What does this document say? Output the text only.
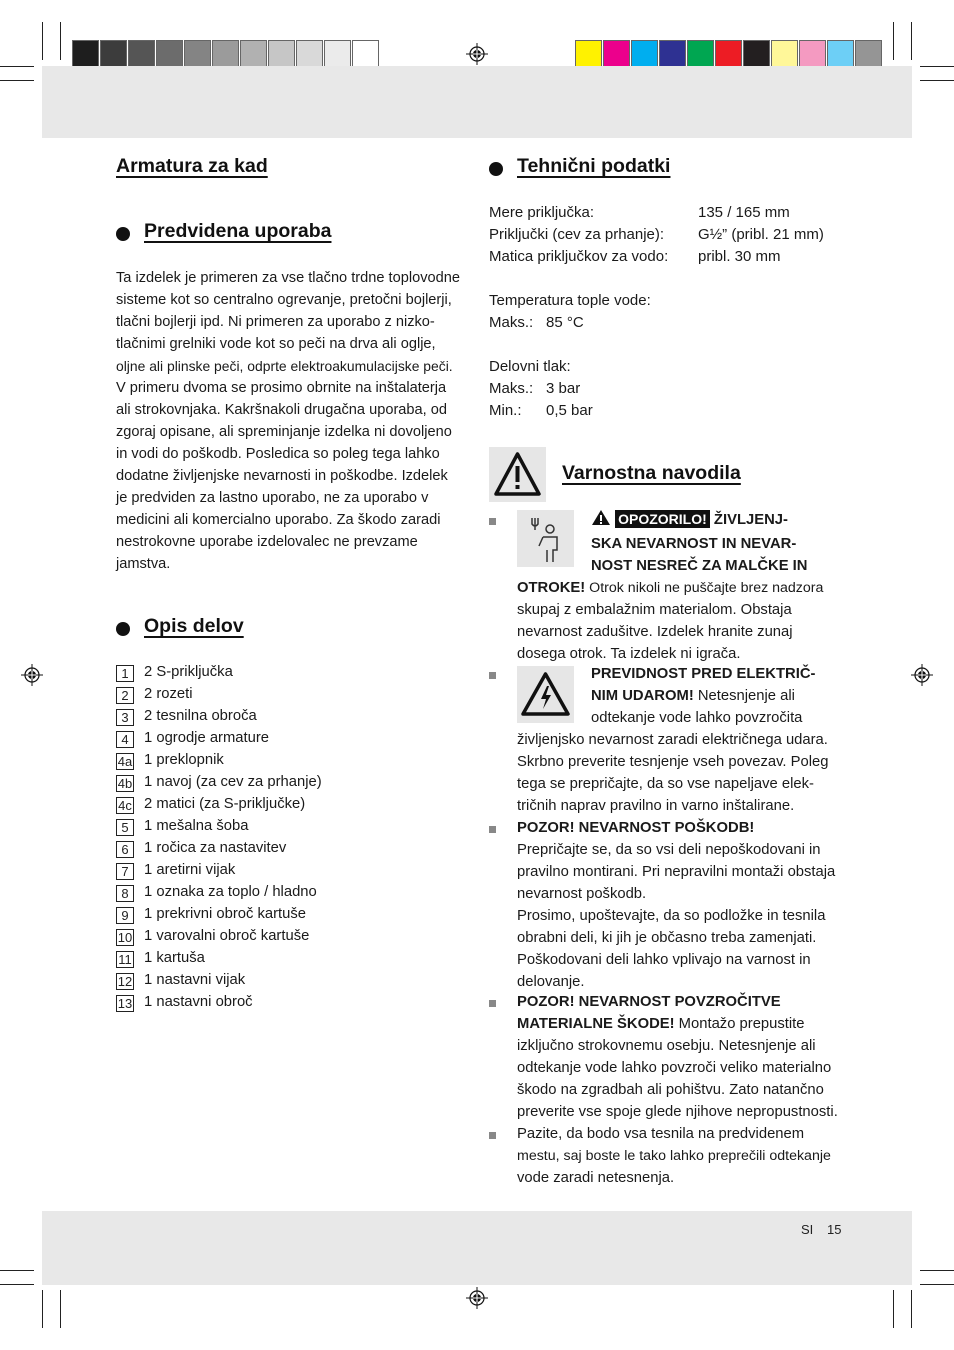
Armatura za kad
Predvidena uporaba
Ta izdelek je primeren za vse tlačno trdne toplovodne
sisteme kot so centralno ogrevanje, pretočni bojlerji,
tlačni bojlerji ipd. Ni primeren za uporabo z nizko-
tlačnimi grelniki vode kot so peči na drva ali oglje,
oljne ali plinske peči, odprte elektroakumulacijske peči.
V primeru dvoma se prosimo obrnite na inštalaterja
ali strokovnjaka. Kakršnakoli drugačna uporaba, od
zgoraj opisane, ali spreminjanje izdelka ni dovoljeno
in vodi do poškodb. Posledica so poleg tega lahko
dodatne življenjske nevarnosti in poškodbe. Izdelek
je predviden za lastno uporabo, ne za uporabo v
medicini ali komercialno uporabo. Za škodo zaradi
nestrokovne uporabe izdelovalec ne prevzame
jamstva.
Opis delov
1	2 S-priključka
2	2 rozeti
3	2 tesnilna obroča
4	1 ogrodje armature
4a 1 preklopnik
4b 1 navoj (za cev za prhanje)
4c 2 matici (za S-priključke)
5	1 mešalna šoba
6	1 ročica za nastavitev
7	1 aretirni vijak
8	1 oznaka za toplo / hladno
9	1 prekrivni obroč kartuše
10 1 varovalni obroč kartuše
11 1 kartuša
12 1 nastavni vijak
13 1 nastavni obroč
Tehnični podatki
Mere priključka:	135 / 165 mm
Priključki (cev za prhanje): G½” (pribl. 21 mm)
Matica priključkov za vodo: pribl. 30 mm
Temperatura tople vode:
Maks.: 85 °C
Delovni tlak:
Maks.: 3 bar
Min.: 0,5 bar
Varnostna navodila
OPOZORILO! ŽIVLJENJ-
SKA NEVARNOST IN NEVAR-
NOST NESREČ ZA MALČKE IN
OTROKE! Otrok nikoli ne puščajte brez nadzora
skupaj z embalažnim materialom. Obstaja
nevarnost zadušitve. Izdelek hranite zunaj
dosega otrok. Ta izdelek ni igrača.
PREVIDNOST PRED ELEKTRIČ-
NIM UDAROM! Netesnjenje ali
odtekanje vode lahko povzročita
življenjsko nevarnost zaradi električnega udara.
Skrbno preverite tesnjenje vseh povezav. Poleg
tega se prepričajte, da so vse napeljave elek-
tričnih naprav pravilno in varno inštalirane.
POZOR! NEVARNOST POŠKODB!
Prepričajte se, da so vsi deli nepoškodovani in
pravilno montirani. Pri nepravilni montaži obstaja
nevarnost poškodb.
Prosimo, upoštevajte, da so podložke in tesnila
obrabni deli, ki jih je občasno treba zamenjati.
Poškodovani deli lahko vplivajo na varnost in
delovanje.
POZOR! NEVARNOST POVZROČITVE
MATERIALNE ŠKODE! Montažo prepustite
izključno strokovnemu osebju. Netesnjenje ali
odtekanje vode lahko povzroči veliko materialno
škodo na zgradbah ali pohištvu. Zato natančno
preverite vse spoje glede njihove nepropustnosti.
Pazite, da bodo vsa tesnila na predvidenem
mestu, saj boste le tako lahko preprečili odtekanje
vode zaradi netesnenja.
SI 15
